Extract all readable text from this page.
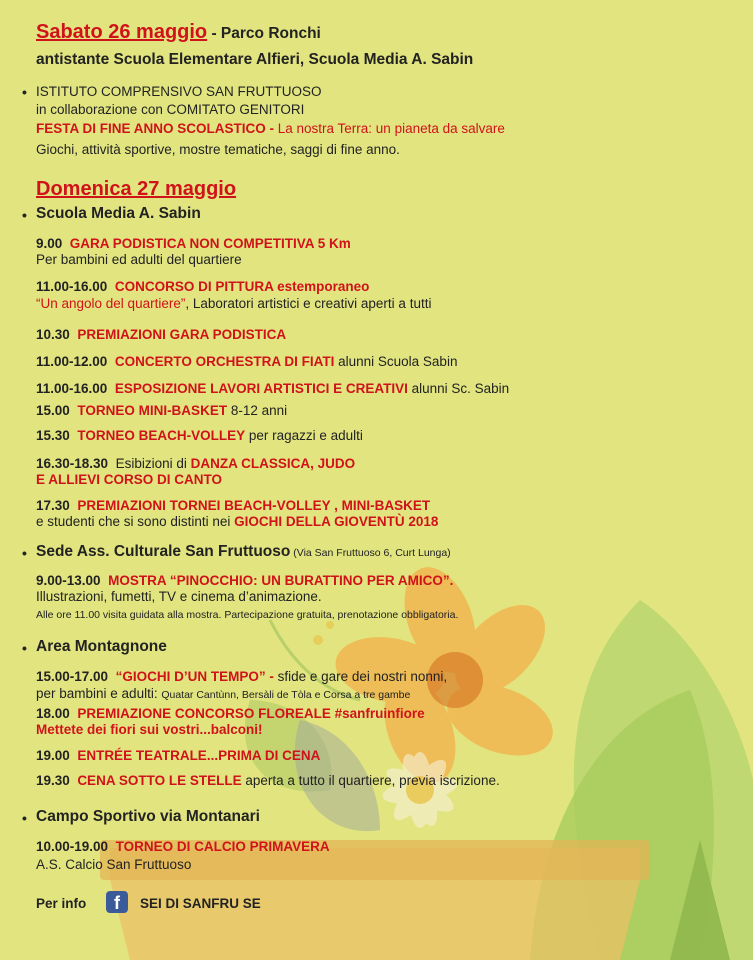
Sabato 26 maggio - Parco Ronchi
antistante Scuola Elementare Alfieri, Scuola Media A. Sabin
• ISTITUTO COMPRENSIVO SAN FRUTTUOSO
in collaborazione con COMITATO GENITORI
FESTA DI FINE ANNO SCOLASTICO - La nostra Terra: un pianeta da salvare
Giochi, attività sportive, mostre tematiche, saggi di fine anno.
Domenica 27 maggio
• Scuola Media A. Sabin
9.00 GARA PODISTICA NON COMPETITIVA 5 Km
Per bambini ed adulti del quartiere
11.00-16.00 CONCORSO DI PITTURA estemporaneo
“Un angolo del quartiere”, Laboratori artistici e creativi aperti a tutti
10.30 PREMIAZIONI GARA PODISTICA
11.00-12.00 CONCERTO ORCHESTRA DI FIATI alunni Scuola Sabin
11.00-16.00 ESPOSIZIONE LAVORI ARTISTICI E CREATIVI alunni Sc. Sabin
15.00 TORNEO MINI-BASKET 8-12 anni
15.30 TORNEO BEACH-VOLLEY per ragazzi e adulti
16.30-18.30 Esibizioni di DANZA CLASSICA, JUDO
E ALLIEVI CORSO DI CANTO
17.30 PREMIAZIONI TORNEI BEACH-VOLLEY , MINI-BASKET
e studenti che si sono distinti nei GIOCHI DELLA GIOVENTÙ 2018
• Sede Ass. Culturale San Fruttuoso (Via San Fruttuoso 6, Curt Lunga)
9.00-13.00 MOSTRA “PINOCCHIO: UN BURATTINO PER AMICO”.
Illustrazioni, fumetti, TV e cinema d’animazione.
Alle ore 11.00 visita guidata alla mostra. Partecipazione gratuita, prenotazione obbligatoria.
• Area Montagnone
15.00-17.00 “GIOCHI D’UN TEMPO” - sfide e gare dei nostri nonni,
per bambini e adulti: Quatar Cantùnn, Bersàli de Tòla e Corsa a tre gambe
18.00 PREMIAZIONE CONCORSO FLOREALE #sanfruinfiore
Mettete dei fiori sui vostri...balconi!
19.00 ENTRÉE TEATRALE...PRIMA DI CENA
19.30 CENA SOTTO LE STELLE aperta a tutto il quartiere, previa iscrizione.
• Campo Sportivo via Montanari
10.00-19.00 TORNEO DI CALCIO PRIMAVERA
A.S. Calcio San Fruttuoso
Per info	f	SEI DI SANFRU SE
